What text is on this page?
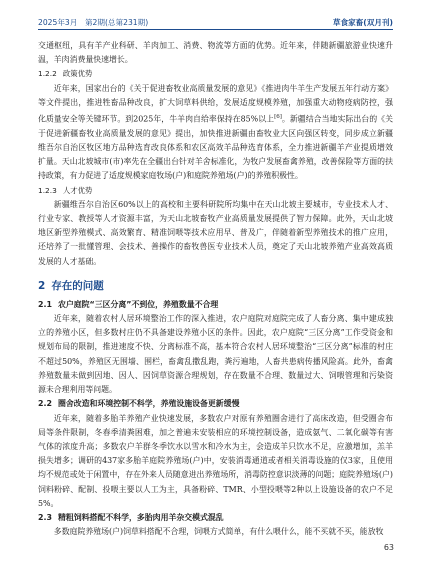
2025年3月　第2期(总第231期)	草食家畜(双月刊)

交通枢纽，具有羊产业科研、羊肉加工、消费、物流等方面的优势。近年来，伴随新疆旅游业快速升温，羊肉消费量快速增长。

1.2.2 政策优势

近年来，国家出台的《关于促进畜牧业高质量发展的意见》《推进肉牛羊生产发展五年行动方案》等文件提出，推进牲畜品种改良，扩大饲草料供给，发展适度规模养殖，加强重大动物疫病防控，强化质量安全等关键环节。到2025年，牛羊肉自给率保持在85%以上[6]。新疆结合当地实际出台的《关于促进新疆畜牧业高质量发展的意见》提出，加快推进新疆由畜牧业大区向强区转变，同步成立新疆维吾尔自治区牧区地方品种选育改良体系和农区高效羊品种选育体系，全力推进新疆羊产业提质增效扩量。天山北坡城市(市)率先在全疆出台针对羊舍标准化，为牧户发展畜禽养殖，改善保险等方面的扶持政策，有力促进了适度规模家庭牧场(户)和庭院养殖场(户)的养殖积极性。

1.2.3 人才优势

新疆维吾尔自治区60%以上的高校和主要科研院所均集中在天山北坡主要城市，专业技术人才、行业专家、教授等人才资源丰富，为天山北坡畜牧产业高质量发展提供了智力保障。此外，天山北坡地区新型养殖模式、高效繁育、精准饲喂等技术应用早、普及广，伴随着新型养殖技术的推广应用，还培养了一批懂管理、会技术、善操作的畜牧兽医专业技术人员，奠定了天山北坡养殖产业高效高质发展的人才基础。

2 存在的问题
2.1 农户庭院“三区分离”不到位，养殖数量不合理

近年来，随着农村人居环境整治工作的深入推进，农户庭院对庭院完成了人畜分离、集中建成独立的养殖小区，但多数村庄仍不具备建设养殖小区的条件。因此，农户庭院“三区分离”工作受资金和规划布局的限制，推进速度不快、分离标准不高，基本符合农村人居环境整治“三区分离”标准的村庄不超过50%，养殖区无围墙、围栏，畜禽乱撒乱跑，粪污遍地，人畜共患病传播风险高。此外，畜禽养殖数量未做到因地、因人、因饲草资源合理规划，存在数量不合理、数量过大、饲喂管理和污染资源未合理利用等问题。

2.2 圈舍改造和环境控制不科学，养殖设施设备更新缓慢

近年来，随着多胎羊养殖产业快速发展，多数农户对原有养殖圈舍进行了高床改造，但受圈舍布局等条件限制，冬春季清粪困难，加之普遍未安装相应的环境控制设备，造成氨气、二氧化碳等有害气体的浓度升高；多数农户羊群冬季饮水以雪水和冷水为主，会造成羊只饮水不足，应激增加，羔羊损失增多；调研的437家多胎羊庭院养殖场(户)中，安装消毒通道或者相关消毒设施的仅3家，且使用均不规范或处于闲置中，存在外来人员随意进出养殖场所，消毒防控意识淡薄的问题；庭院养殖场(户)饲料粉碎、配制、投喂主要以人工为主，具备粉碎、TMR、小型投喂等2种以上设施设备的农户不足5%。

2.3 精粗饲料搭配不科学，多胎肉用羊杂交模式混乱

多数庭院养殖场(户)饲草料搭配不合理，饲喂方式简单，有什么喂什么，能不买就不买，能放牧

63
